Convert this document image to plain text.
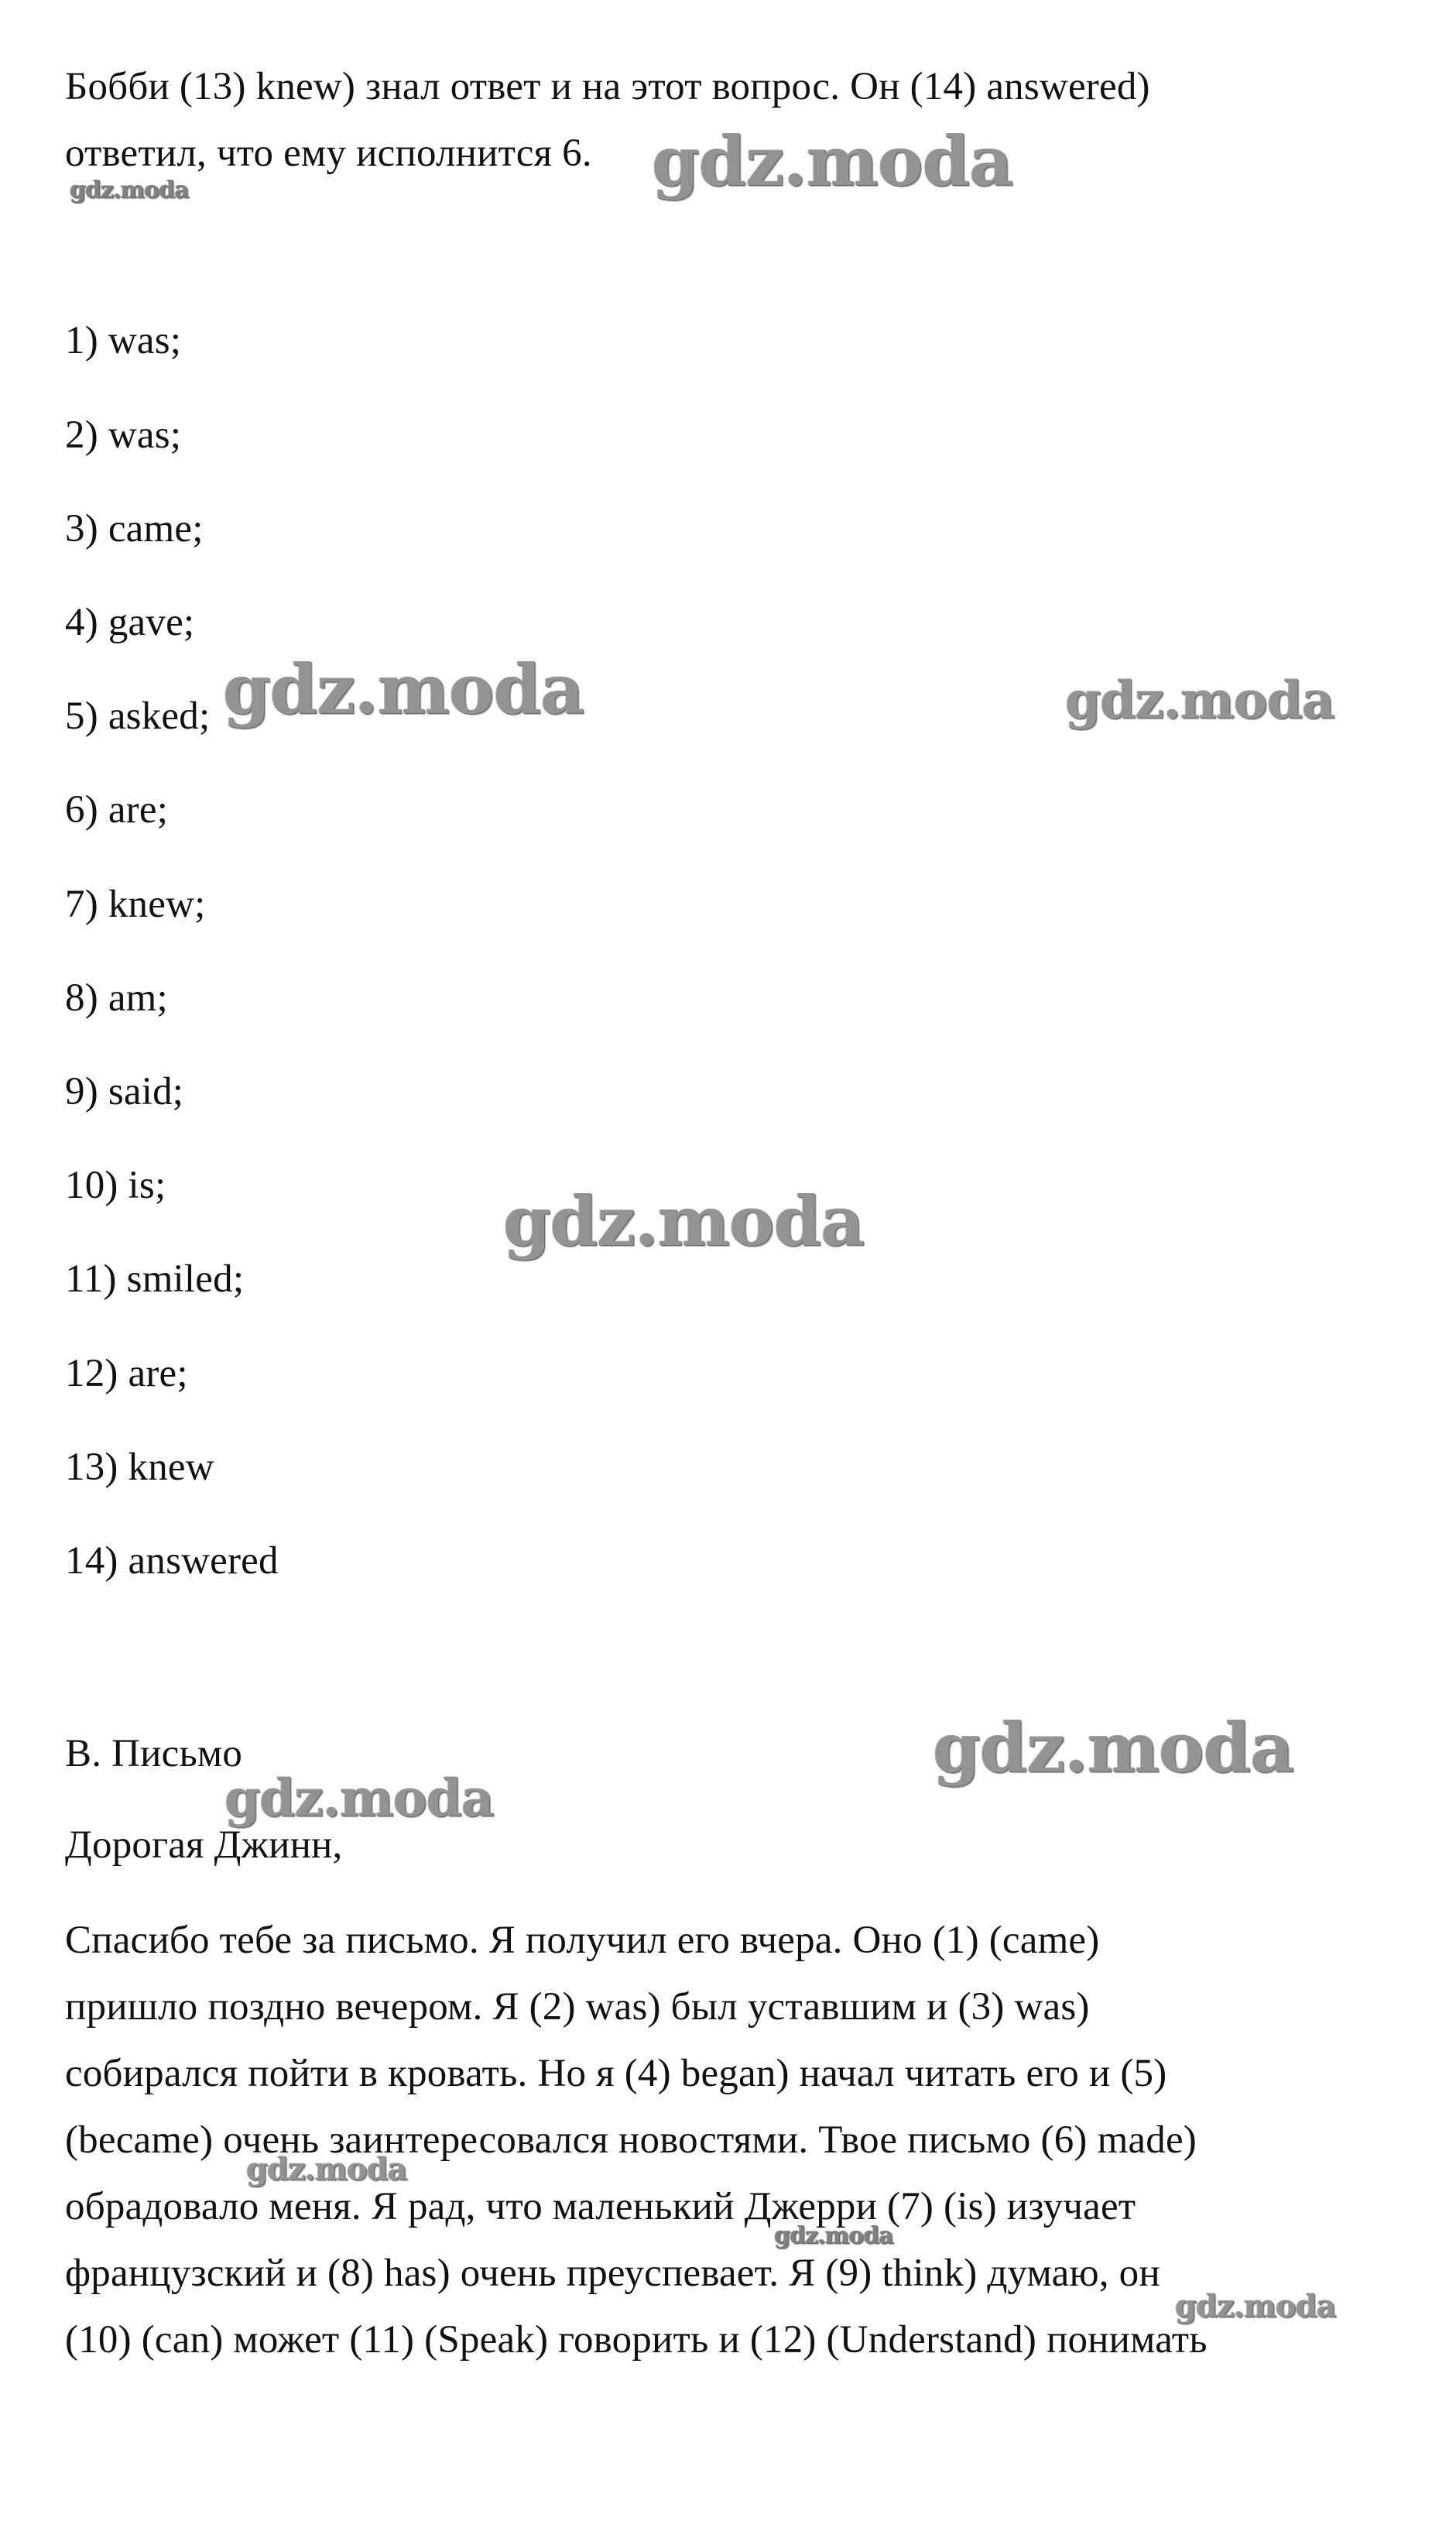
Бобби (13) knew) знал ответ и на этот вопрос. Он (14) answered)
ответил, что ему исполнится 6.
1) was;
2) was;
3) came;
4) gave;
5) asked;
6) are;
7) knew;
8) am;
9) said;
10) is;
11) smiled;
12) are;
13) knew
14) answered
B. Письмо
Дорогая Джинн,
Спасибо тебе за письмо. Я получил его вчера. Оно (1) (came)
пришло поздно вечером. Я (2) was) был уставшим и (3) was)
собирался пойти в кровать. Но я (4) began) начал читать его и (5)
(became) очень заинтересовался новостями. Твое письмо (6) made)
обрадовало меня. Я рад, что маленький Джерри (7) (is) изучает
французский и (8) has) очень преуспевает. Я (9) think) думаю, он
(10) (can) может (11) (Speak) говорить и (12) (Understand) понимать
gdz.moda
gdz.moda
gdz.moda	gdz.moda
gdz.moda
gdz.moda
gdz.moda
gdz.moda
gdz.moda
gdz.moda
